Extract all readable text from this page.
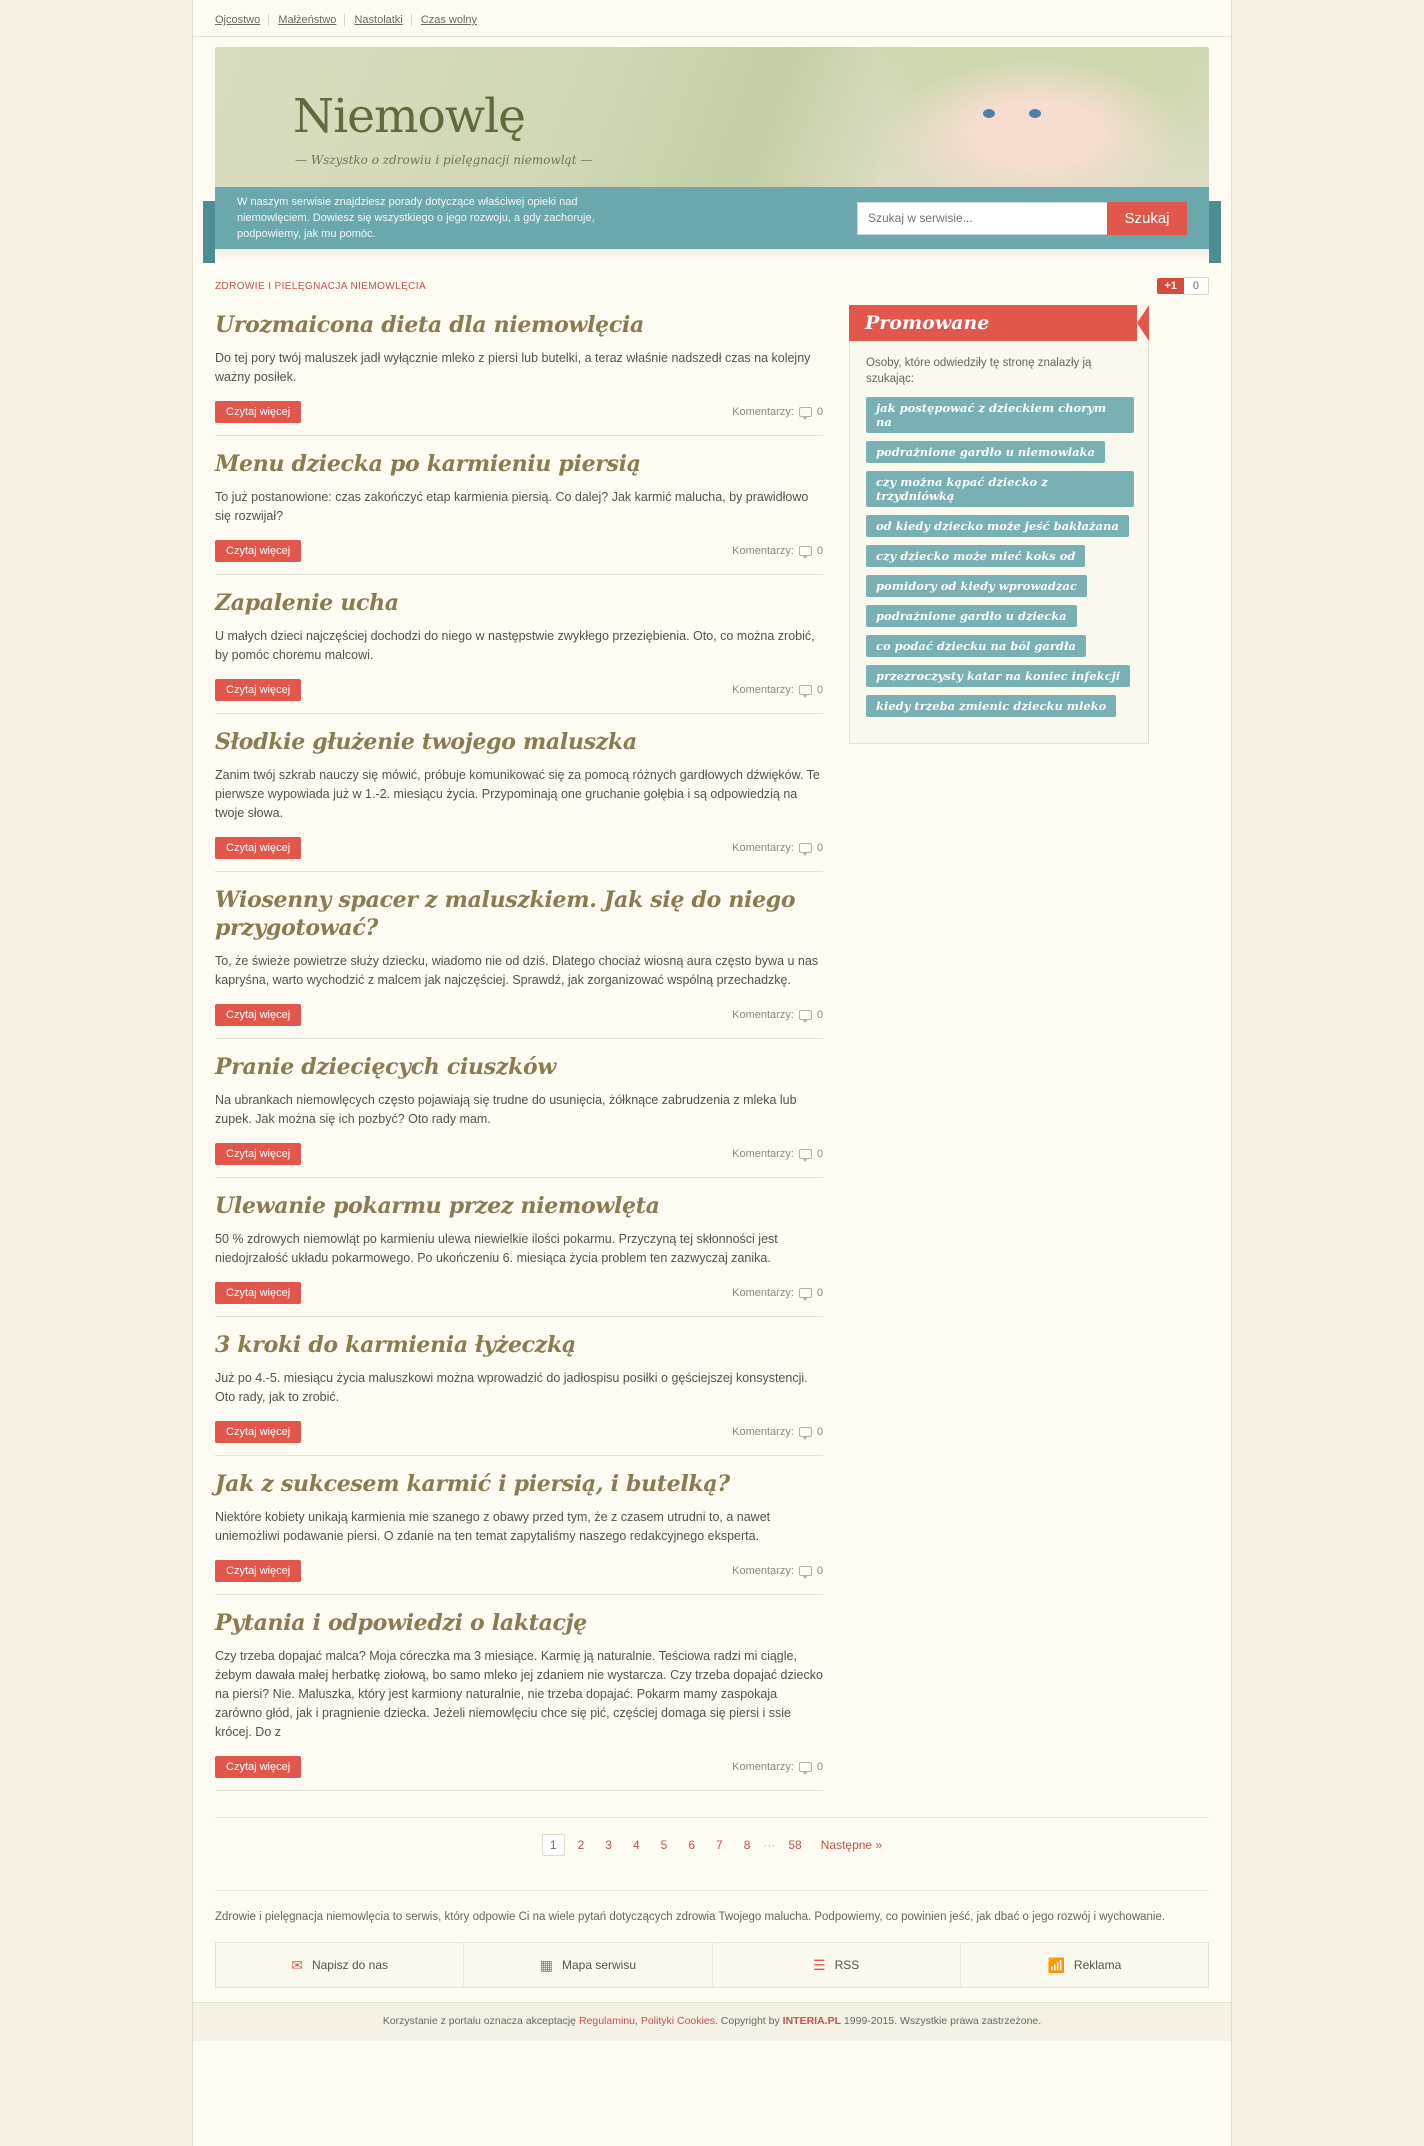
Ojcostwo Małżeństwo Nastolatki Czas wolny
Niemowlę
— Wszystko o zdrowiu i pielęgnacji niemowląt —
W naszym serwisie znajdziesz porady dotyczące właściwej opieki nad niemowlęciem. Dowiesz się wszystkiego o jego rozwoju, a gdy zachoruje, podpowiemy, jak mu pomóc.
Szukaj w serwisie...
Szukaj
ZDROWIE I PIELĘGNACJA NIEMOWLĘCIA	+1	0
Urozmaicona dieta dla niemowlęcia

Do tej pory twój maluszek jadł wyłącznie mleko z piersi lub butelki, a teraz właśnie nadszedł czas na kolejny ważny posiłek.

Czytaj więcej	Komentarzy: 0
Menu dziecka po karmieniu piersią

To już postanowione: czas zakończyć etap karmienia piersią. Co dalej? Jak karmić malucha, by prawidłowo się rozwijał?

Czytaj więcej	Komentarzy: 0
Zapalenie ucha

U małych dzieci najczęściej dochodzi do niego w następstwie zwykłego przeziębienia. Oto, co można zrobić, by pomóc choremu malcowi.

Czytaj więcej	Komentarzy: 0
Słodkie głużenie twojego maluszka

Zanim twój szkrab nauczy się mówić, próbuje komunikować się za pomocą różnych gardłowych dźwięków. Te pierwsze wypowiada już w 1.-2. miesiącu życia. Przypominają one gruchanie gołębia i są odpowiedzią na twoje słowa.

Czytaj więcej	Komentarzy: 0
Wiosenny spacer z maluszkiem. Jak się do niego przygotować?

To, że świeże powietrze służy dziecku, wiadomo nie od dziś. Dlatego chociaż wiosną aura często bywa u nas kapryśna, warto wychodzić z malcem jak najczęściej. Sprawdź, jak zorganizować wspólną przechadzkę.

Czytaj więcej	Komentarzy: 0
Pranie dziecięcych ciuszków

Na ubrankach niemowlęcych często pojawiają się trudne do usunięcia, żółknące zabrudzenia z mleka lub zupek. Jak można się ich pozbyć? Oto rady mam.

Czytaj więcej	Komentarzy: 0
Ulewanie pokarmu przez niemowlęta

50 % zdrowych niemowląt po karmieniu ulewa niewielkie ilości pokarmu. Przyczyną tej skłonności jest niedojrzałość układu pokarmowego. Po ukończeniu 6. miesiąca życia problem ten zazwyczaj zanika.

Czytaj więcej	Komentarzy: 0
3 kroki do karmienia łyżeczką

Już po 4.-5. miesiącu życia maluszkowi można wprowadzić do jadłospisu posiłki o gęściejszej konsystencji. Oto rady, jak to zrobić.

Czytaj więcej	Komentarzy: 0
Jak z sukcesem karmić i piersią, i butelką?

Niektóre kobiety unikają karmienia mie szanego z obawy przed tym, że z czasem utrudni to, a nawet uniemożliwi podawanie piersi. O zdanie na ten temat zapytaliśmy naszego redakcyjnego eksperta.

Czytaj więcej	Komentarzy: 0
Pytania i odpowiedzi o laktację

Czy trzeba dopajać malca? Moja córeczka ma 3 miesiące. Karmię ją naturalnie. Teściowa radzi mi ciągle, żebym dawała małej herbatkę ziołową, bo samo mleko jej zdaniem nie wystarcza. Czy trzeba dopajać dziecko na piersi? Nie. Maluszka, który jest karmiony naturalnie, nie trzeba dopajać. Pokarm mamy zaspokaja zarówno głód, jak i pragnienie dziecka. Jeżeli niemowlęciu chce się pić, częściej domaga się piersi i ssie krócej. Do z

Czytaj więcej	Komentarzy: 0
Promowane
Osoby, które odwiedziły tę stronę znalazły ją szukając:
jak postępować z dzieckiem chorym na
podrażnione gardło u niemowlaka
czy można kąpać dziecko z trzydniówką
od kiedy dziecko może jeść bakłażana
czy dziecko może mieć koks od
pomidory od kiedy wprowadzac
podrażnione gardło u dziecka
co podać dziecku na ból gardła
przezroczysty katar na koniec infekcji
kiedy trzeba zmienic dziecku mleko
1	2	3	4	5	6	7	8	···	58	Następne »
Zdrowie i pielęgnacja niemowlęcia to serwis, który odpowie Ci na wiele pytań dotyczących zdrowia Twojego malucha. Podpowiemy, co powinien jeść, jak dbać o jego rozwój i wychowanie.
✉ Napisz do nas	▦ Mapa serwisu	☰ RSS	📶 Reklama
Korzystanie z portalu oznacza akceptację Regulaminu, Polityki Cookies. Copyright by INTERIA.PL 1999-2015. Wszystkie prawa zastrzeżone.
